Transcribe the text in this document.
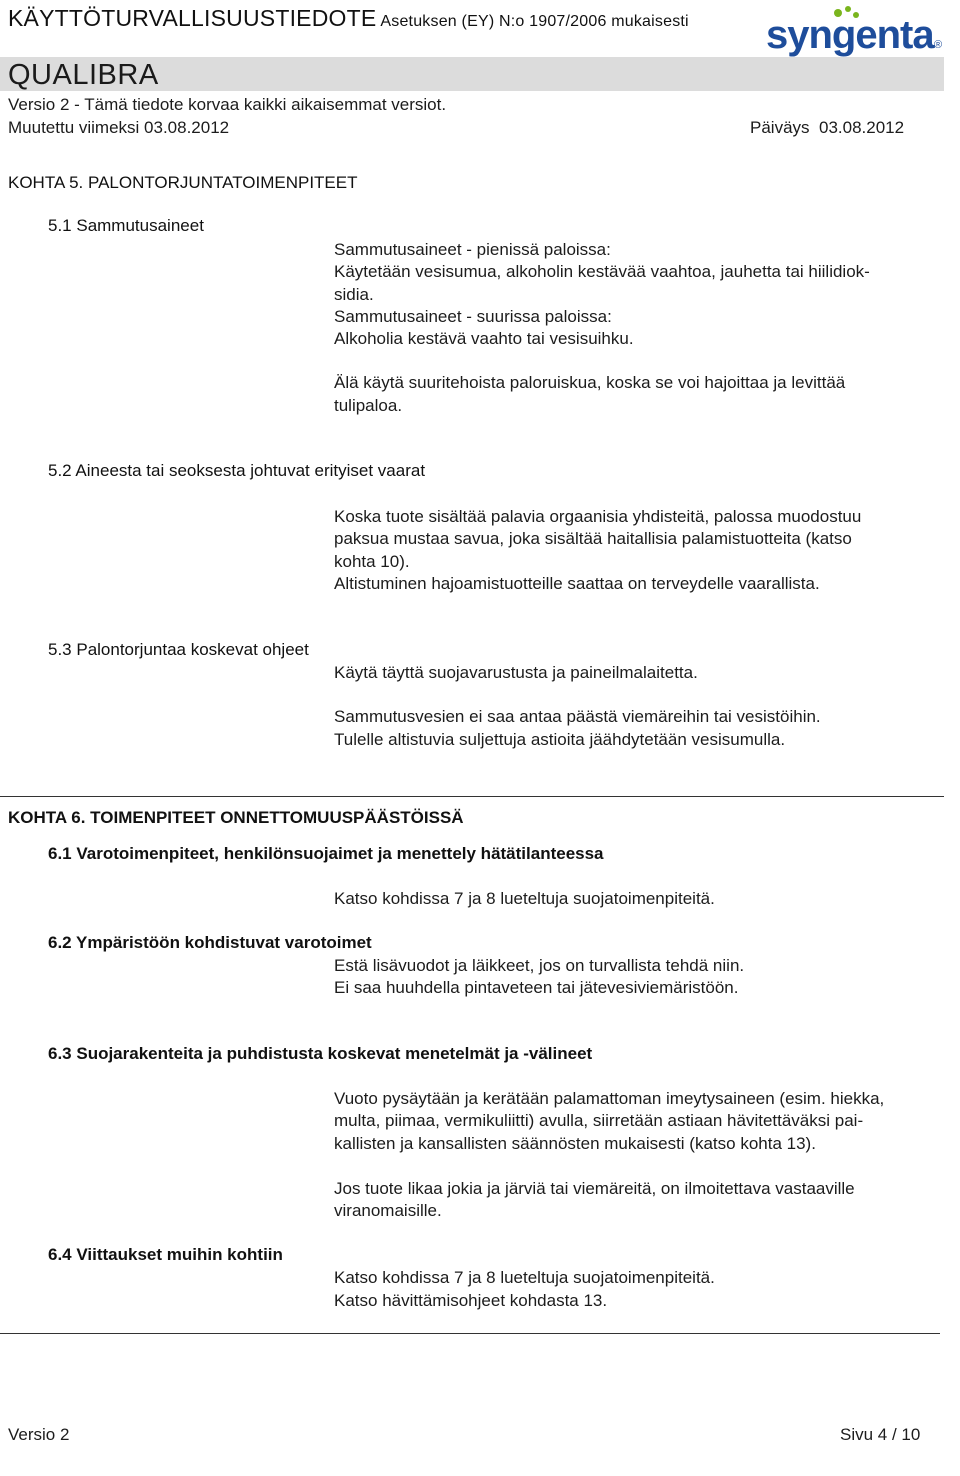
KÄYTTÖTURVALLISUUSTIEDOTE Asetuksen (EY) N:o 1907/2006 mukaisesti syngenta ®
QUALIBRA
Versio 2 - Tämä tiedote korvaa kaikki aikaisemmat versiot.
Muutettu viimeksi 03.08.2012	Päiväys 03.08.2012
KOHTA 5. PALONTORJUNTATOIMENPITEET
5.1 Sammutusaineet
Sammutusaineet - pienissä paloissa:
Käytetään vesisumua, alkoholin kestävää vaahtoa, jauhetta tai hiilidiok-
sidia.
Sammutusaineet - suurissa paloissa:
Alkoholia kestävä vaahto tai vesisuihku.
Älä käytä suuritehoista paloruiskua, koska se voi hajoittaa ja levittää
tulipaloa.
5.2 Aineesta tai seoksesta johtuvat erityiset vaarat
Koska tuote sisältää palavia orgaanisia yhdisteitä, palossa muodostuu
paksua mustaa savua, joka sisältää haitallisia palamistuotteita (katso
kohta 10).
Altistuminen hajoamistuotteille saattaa on terveydelle vaarallista.
5.3 Palontorjuntaa koskevat ohjeet
Käytä täyttä suojavarustusta ja paineilmalaitetta.
Sammutusvesien ei saa antaa päästä viemäreihin tai vesistöihin.
Tulelle altistuvia suljettuja astioita jäähdytetään vesisumulla.
KOHTA 6. TOIMENPITEET ONNETTOMUUSPÄÄSTÖISSÄ
6.1 Varotoimenpiteet, henkilönsuojaimet ja menettely hätätilanteessa
Katso kohdissa 7 ja 8 lueteltuja suojatoimenpiteitä.
6.2 Ympäristöön kohdistuvat varotoimet
Estä lisävuodot ja läikkeet, jos on turvallista tehdä niin.
Ei saa huuhdella pintaveteen tai jätevesiviemäristöön.
6.3 Suojarakenteita ja puhdistusta koskevat menetelmät ja -välineet
Vuoto pysäytään ja kerätään palamattoman imeytysaineen (esim. hiekka,
multa, piimaa, vermikuliitti) avulla, siirretään astiaan hävitettäväksi pai-
kallisten ja kansallisten säännösten mukaisesti (katso kohta 13).
Jos tuote likaa jokia ja järviä tai viemäreitä, on ilmoitettava vastaaville
viranomaisille.
6.4 Viittaukset muihin kohtiin
Katso kohdissa 7 ja 8 lueteltuja suojatoimenpiteitä.
Katso hävittämisohjeet kohdasta 13.
Versio 2	Sivu 4 / 10
